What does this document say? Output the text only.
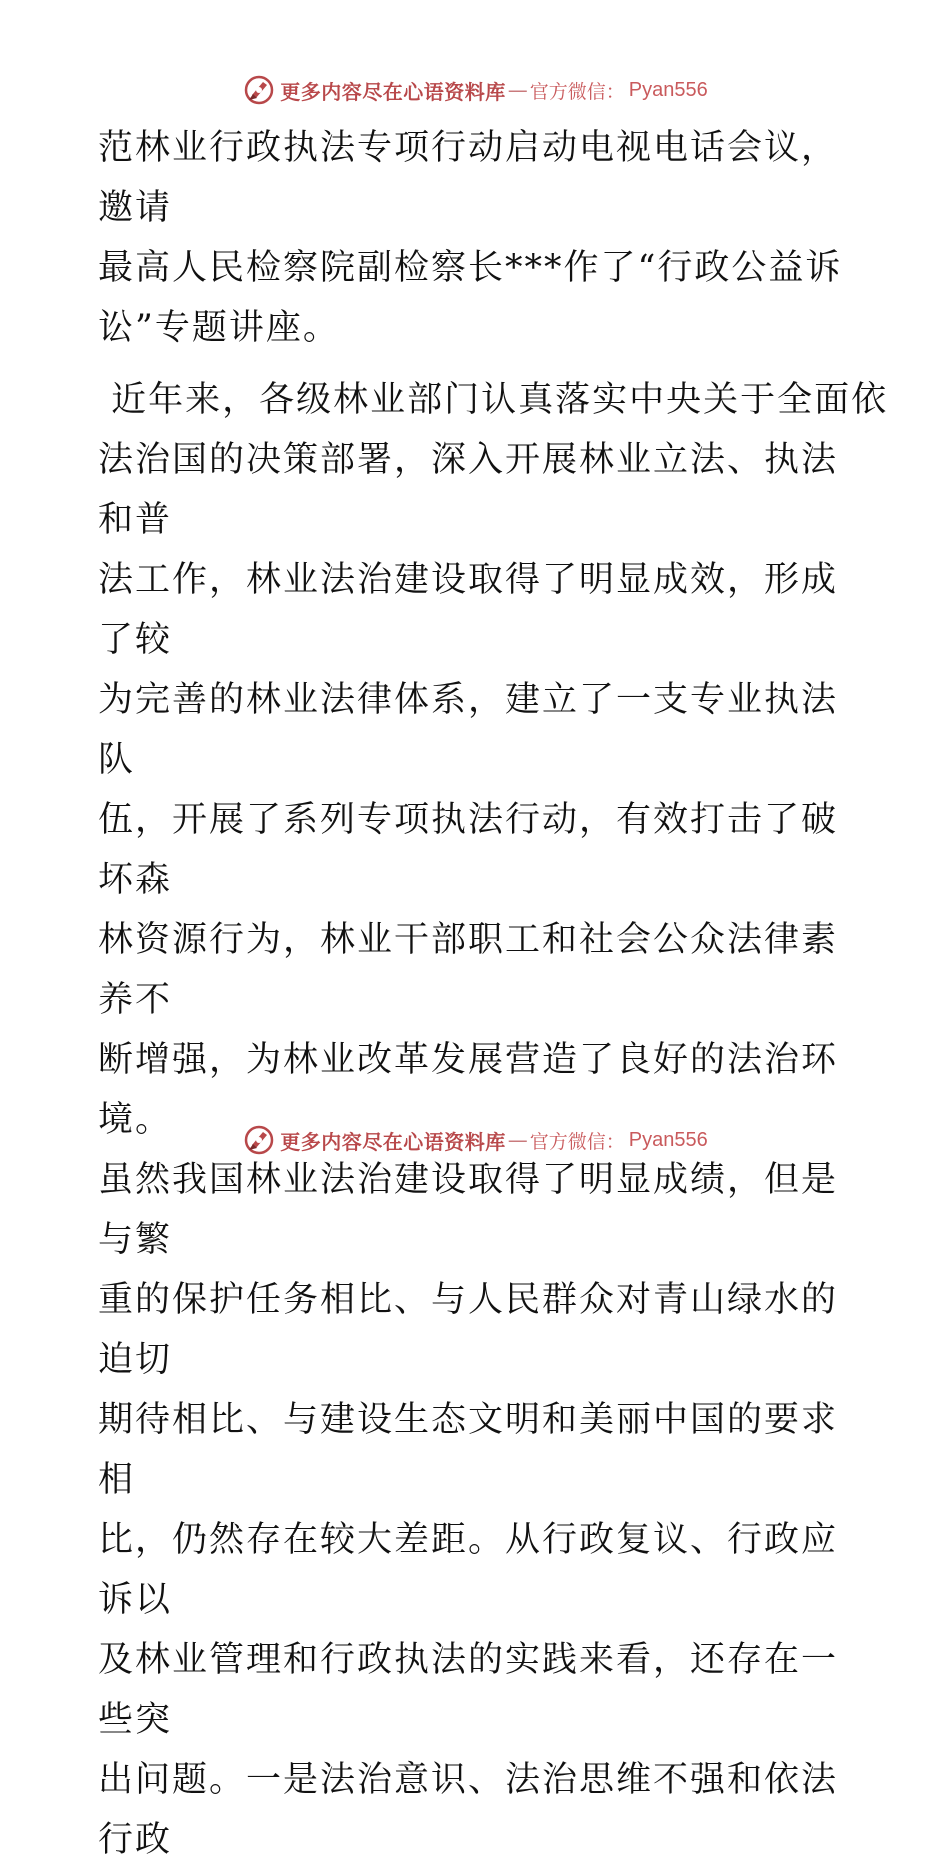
更多内容尽在心语资料库 — 官方微信： Pyan556

范林业行政执法专项行动启动电视电话会议，邀请

最高人民检察院副检察长***作了“行政公益诉

讼”专题讲座。

近年来，各级林业部门认真落实中央关于全面依

法治国的决策部署，深入开展林业立法、执法和普

法工作，林业法治建设取得了明显成效，形成了较

为完善的林业法律体系，建立了一支专业执法队

伍，开展了系列专项执法行动，有效打击了破坏森

林资源行为，林业干部职工和社会公众法律素养不

断增强，为林业改革发展营造了良好的法治环境。

虽然我国林业法治建设取得了明显成绩，但是与繁

重的保护任务相比、与人民群众对青山绿水的迫切

期待相比、与建设生态文明和美丽中国的要求相

比，仍然存在较大差距。从行政复议、行政应诉以

及林业管理和行政执法的实践来看，还存在一些突

出问题。一是法治意识、法治思维不强和依法行政

更多内容尽在心语资料库 — 官方微信： Pyan556
